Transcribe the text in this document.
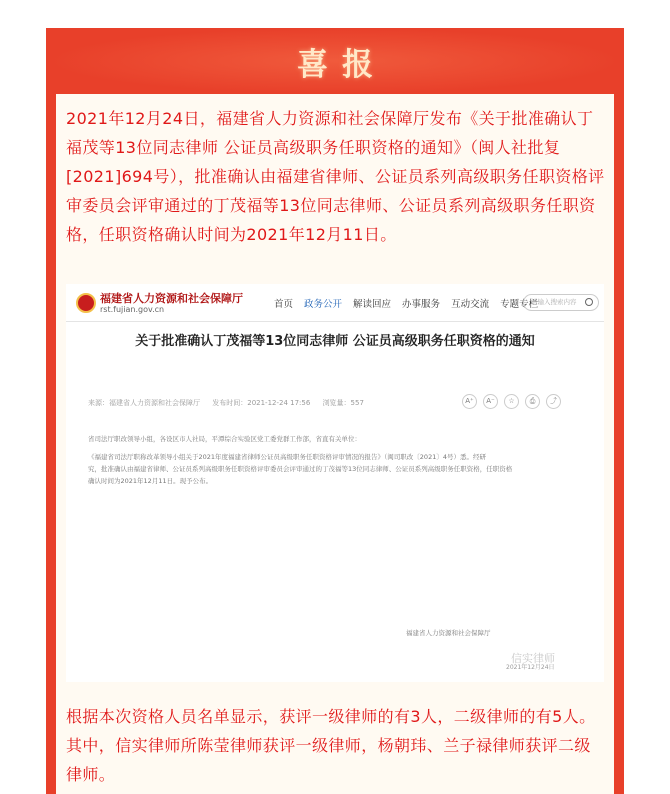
喜报

2021年12月24日，福建省人力资源和社会保障厅发布《关于批准确认丁福茂等13位同志律师 公证员高级职务任职资格的通知》（闽人社批复[2021]694号），批准确认由福建省律师、公证员系列高级职务任职资格评审委员会评审通过的丁茂福等13位同志律师、公证员系列高级职务任职资格，任职资格确认时间为2021年12月11日。

福建省人力资源和社会保障厅
rst.fujian.gov.cn	首页 政务公开 解读回应 办事服务 互动交流 专题专栏
请输入搜索内容
关于批准确认丁茂福等13位同志律师 公证员高级职务任职资格的通知
来源：福建省人力资源和社会保障厅 发布时间：2021-12-24 17:56 浏览量：557	A⁺	A⁻	☆	⎙	⤴
省司法厅职改领导小组，各设区市人社局，平潭综合实验区党工委党群工作部，省直有关单位：
《福建省司法厅职称改革领导小组关于2021年度福建省律师公证员高级职务任职资格评审情况的报告》（闽司职改〔2021〕4号）悉。经研
究，批准确认由福建省律师、公证员系列高级职务任职资格评审委员会评审通过的丁茂福等13位同志律师、公证员系列高级职务任职资格，任职资格
确认时间为2021年12月11日。现予公布。
福建省人力资源和社会保障厅
信实律师
2021年12月24日

根据本次资格人员名单显示，获评一级律师的有3人，二级律师的有5人。其中，信实律师所陈莹律师获评一级律师，杨朝玮、兰子禄律师获评二级律师。
